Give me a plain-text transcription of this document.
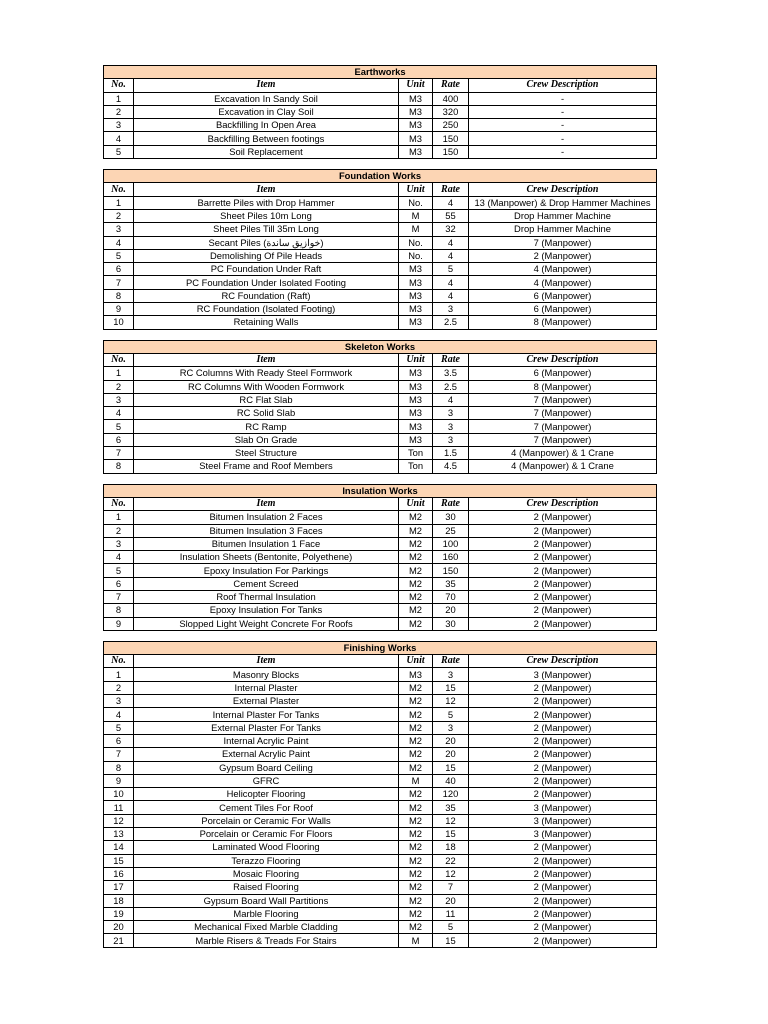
Earthworks				
No.	Item	Unit	Rate	Crew Description
1	Excavation In Sandy Soil	M3	400	-
2	Excavation in Clay Soil	M3	320	-
3	Backfilling In Open Area	M3	250	-
4	Backfilling Between footings	M3	150	-
5	Soil Replacement	M3	150	-
Foundation Works				
No.	Item	Unit	Rate	Crew Description
1	Barrette Piles with Drop Hammer	No.	4	13 (Manpower) & Drop Hammer Machines
2	Sheet Piles 10m Long	M	55	Drop Hammer Machine
3	Sheet Piles Till 35m Long	M	32	Drop Hammer Machine
4	Secant Piles (خوازيق ساندة)	No.	4	7 (Manpower)
5	Demolishing Of Pile Heads	No.	4	2 (Manpower)
6	PC Foundation Under Raft	M3	5	4 (Manpower)
7	PC Foundation Under Isolated Footing	M3	4	4 (Manpower)
8	RC Foundation (Raft)	M3	4	6 (Manpower)
9	RC Foundation (Isolated Footing)	M3	3	6 (Manpower)
10	Retaining Walls	M3	2.5	8 (Manpower)
Skeleton Works				
No.	Item	Unit	Rate	Crew Description
1	RC Columns With Ready Steel Formwork	M3	3.5	6 (Manpower)
2	RC Columns With Wooden Formwork	M3	2.5	8 (Manpower)
3	RC Flat Slab	M3	4	7 (Manpower)
4	RC Solid Slab	M3	3	7 (Manpower)
5	RC Ramp	M3	3	7 (Manpower)
6	Slab On Grade	M3	3	7 (Manpower)
7	Steel Structure	Ton	1.5	4 (Manpower) & 1 Crane
8	Steel Frame and Roof Members	Ton	4.5	4 (Manpower) & 1 Crane
Insulation Works				
No.	Item	Unit	Rate	Crew Description
1	Bitumen Insulation 2 Faces	M2	30	2 (Manpower)
2	Bitumen Insulation 3 Faces	M2	25	2 (Manpower)
3	Bitumen Insulation 1 Face	M2	100	2 (Manpower)
4	Insulation Sheets (Bentonite, Polyethene)	M2	160	2 (Manpower)
5	Epoxy Insulation For Parkings	M2	150	2 (Manpower)
6	Cement Screed	M2	35	2 (Manpower)
7	Roof Thermal Insulation	M2	70	2 (Manpower)
8	Epoxy Insulation For Tanks	M2	20	2 (Manpower)
9	Slopped Light Weight Concrete For Roofs	M2	30	2 (Manpower)
Finishing Works				
No.	Item	Unit	Rate	Crew Description
1	Masonry Blocks	M3	3	3 (Manpower)
2	Internal Plaster	M2	15	2 (Manpower)
3	External Plaster	M2	12	2 (Manpower)
4	Internal Plaster For Tanks	M2	5	2 (Manpower)
5	External Plaster For Tanks	M2	3	2 (Manpower)
6	Internal Acrylic Paint	M2	20	2 (Manpower)
7	External Acrylic Paint	M2	20	2 (Manpower)
8	Gypsum Board Ceiling	M2	15	2 (Manpower)
9	GFRC	M	40	2 (Manpower)
10	Helicopter Flooring	M2	120	2 (Manpower)
11	Cement Tiles For Roof	M2	35	3 (Manpower)
12	Porcelain or Ceramic For Walls	M2	12	3 (Manpower)
13	Porcelain or Ceramic For Floors	M2	15	3 (Manpower)
14	Laminated Wood Flooring	M2	18	2 (Manpower)
15	Terazzo Flooring	M2	22	2 (Manpower)
16	Mosaic Flooring	M2	12	2 (Manpower)
17	Raised Flooring	M2	7	2 (Manpower)
18	Gypsum Board Wall Partitions	M2	20	2 (Manpower)
19	Marble Flooring	M2	11	2 (Manpower)
20	Mechanical Fixed Marble Cladding	M2	5	2 (Manpower)
21	Marble Risers & Treads For Stairs	M	15	2 (Manpower)
